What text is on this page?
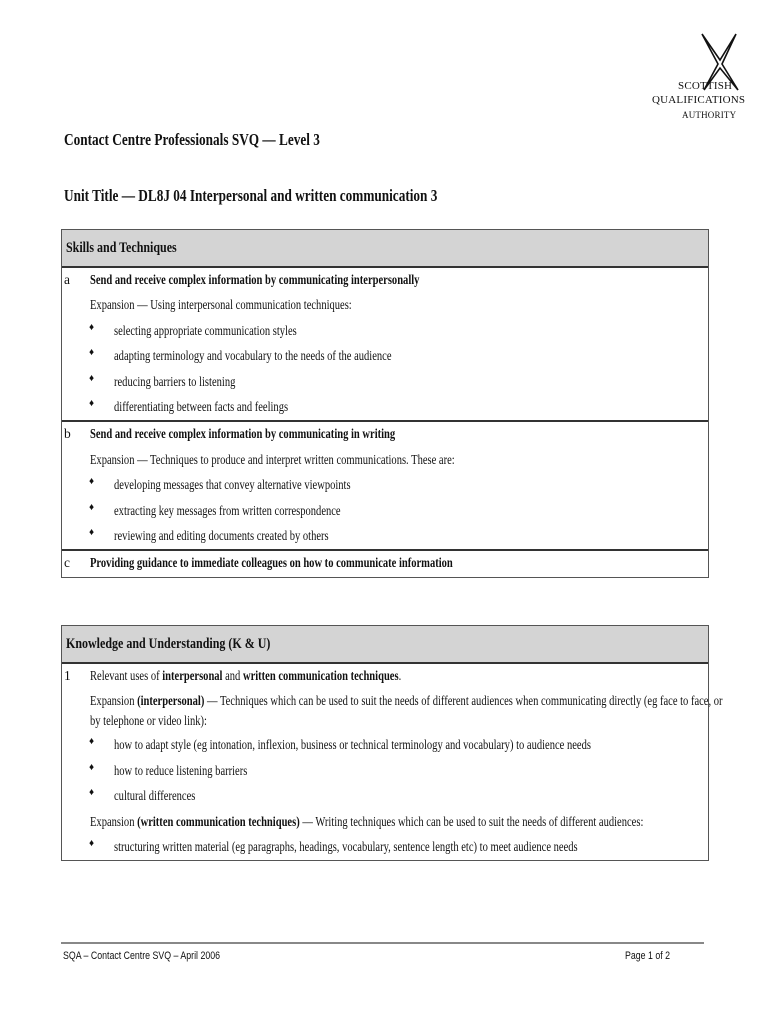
SCOTTISH
QUALIFICATIONS
AUTHORITY
Contact Centre Professionals SVQ — Level 3
Unit Title — DL8J 04 Interpersonal and written communication 3
Skills and Techniques
a Send and receive complex information by communicating interpersonally
Expansion — Using interpersonal communication techniques:
♦ selecting appropriate communication styles
♦ adapting terminology and vocabulary to the needs of the audience
♦ reducing barriers to listening
♦ differentiating between facts and feelings
b Send and receive complex information by communicating in writing
Expansion — Techniques to produce and interpret written communications. These are:
♦ developing messages that convey alternative viewpoints
♦ extracting key messages from written correspondence
♦ reviewing and editing documents created by others
c Providing guidance to immediate colleagues on how to communicate information
Knowledge and Understanding (K & U)
1 Relevant uses of interpersonal and written communication techniques.
Expansion (interpersonal) — Techniques which can be used to suit the needs of different audiences when communicating directly (eg face to face, or
by telephone or video link):
♦ how to adapt style (eg intonation, inflexion, business or technical terminology and vocabulary) to audience needs
♦ how to reduce listening barriers
♦ cultural differences
Expansion (written communication techniques) — Writing techniques which can be used to suit the needs of different audiences:
♦ structuring written material (eg paragraphs, headings, vocabulary, sentence length etc) to meet audience needs
SQA – Contact Centre SVQ – April 2006	Page 1 of 2
